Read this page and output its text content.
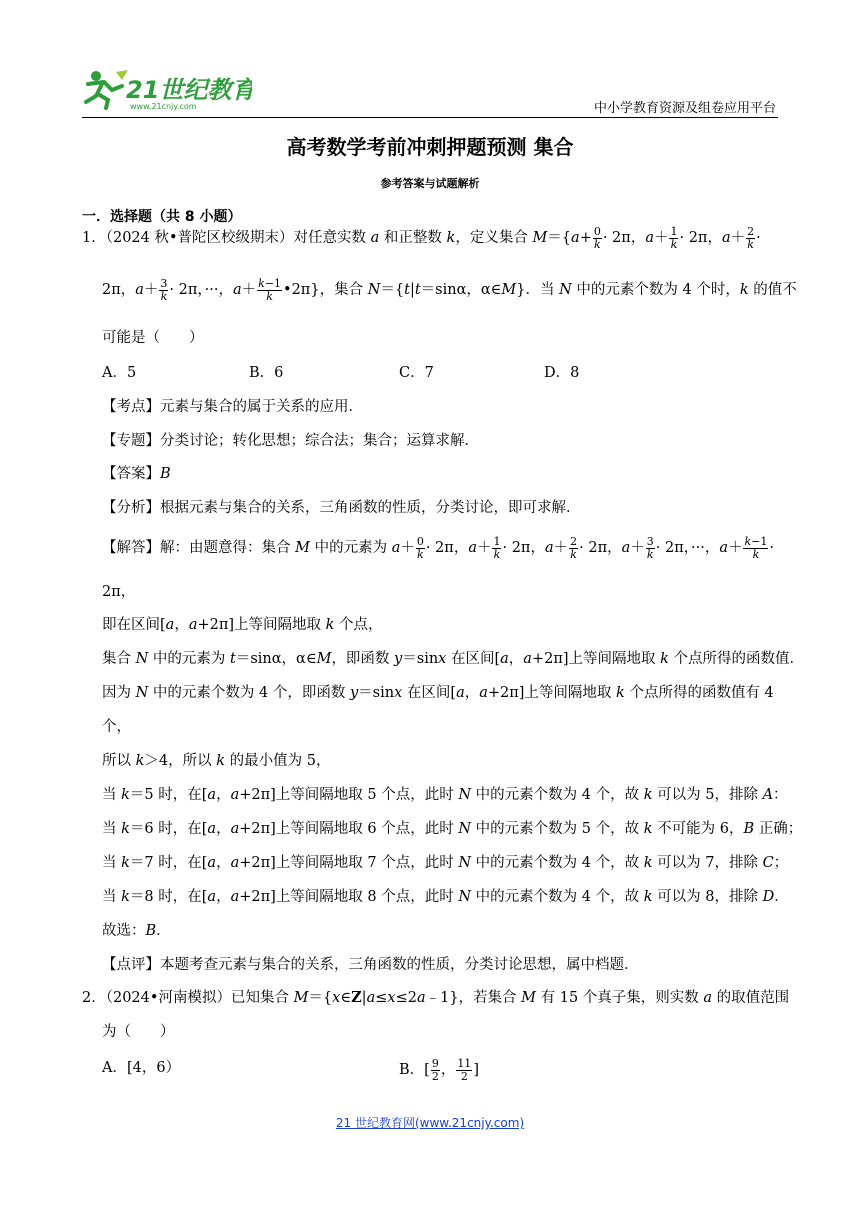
21世纪教育
www.21cnjy.com	中小学教育资源及组卷应用平台
高考数学考前冲刺押题预测 集合
参考答案与试题解析
一．选择题（共 8 小题）
1．（2024 秋•普陀区校级期末）对任意实数 a 和正整数 k，定义集合 $M=\{a+ \frac{0}{k} \cdot 2\pi$，$a+ \frac{1}{k} \cdot 2\pi$，$a+ \frac{2}{k}$ ·
2π，$a+ \frac{3}{k} \cdot 2\pi$，···，$a+ \frac{k-1}{k}$ •2π}，集合 N＝{t|t＝sinα，α∈M}．当 N 中的元素个数为 4 个时，k 的值不
可能是（　　）
A．5	B．6	C．7	D．8
【考点】元素与集合的属于关系的应用．
【专题】分类讨论；转化思想；综合法；集合；运算求解．
【答案】B
【分析】根据元素与集合的关系，三角函数的性质，分类讨论，即可求解．
【解答】解：由题意得：集合 M 中的元素为 $a+ \frac{0}{k} \cdot 2\pi$，$a+ \frac{1}{k} \cdot 2\pi$，$a+ \frac{2}{k} \cdot 2\pi$，$a+ \frac{3}{k} \cdot 2\pi$，···，$a+ \frac{k-1}{k}$ ·
2π，
即在区间[a，a+2π]上等间隔地取 k 个点，
集合 N 中的元素为 t＝sinα，α∈M，即函数 y＝sinx 在区间[a，a+2π]上等间隔地取 k 个点所得的函数值．
因为 N 中的元素个数为 4 个，即函数 y＝sinx 在区间[a，a+2π]上等间隔地取 k 个点所得的函数值有 4
个，
所以 k＞4，所以 k 的最小值为 5，
当 k＝5 时，在[a，a+2π]上等间隔地取 5 个点，此时 N 中的元素个数为 4 个，故 k 可以为 5，排除 A：
当 k＝6 时，在[a，a+2π]上等间隔地取 6 个点，此时 N 中的元素个数为 5 个，故 k 不可能为 6，B 正确；
当 k＝7 时，在[a，a+2π]上等间隔地取 7 个点，此时 N 中的元素个数为 4 个，故 k 可以为 7，排除 C；
当 k＝8 时，在[a，a+2π]上等间隔地取 8 个点，此时 N 中的元素个数为 4 个，故 k 可以为 8，排除 D．
故选：B．
【点评】本题考查元素与集合的关系，三角函数的性质，分类讨论思想，属中档题．
2．（2024•河南模拟）已知集合 M＝{x∈Z|a≤x≤2a﹣1}，若集合 M 有 15 个真子集，则实数 a 的取值范围
为（　　）
A．[4，6）	B．[ $\frac{9}{2}$ ， $\frac{11}{2}$ ]
21 世纪教育网(www.21cnjy.com)
